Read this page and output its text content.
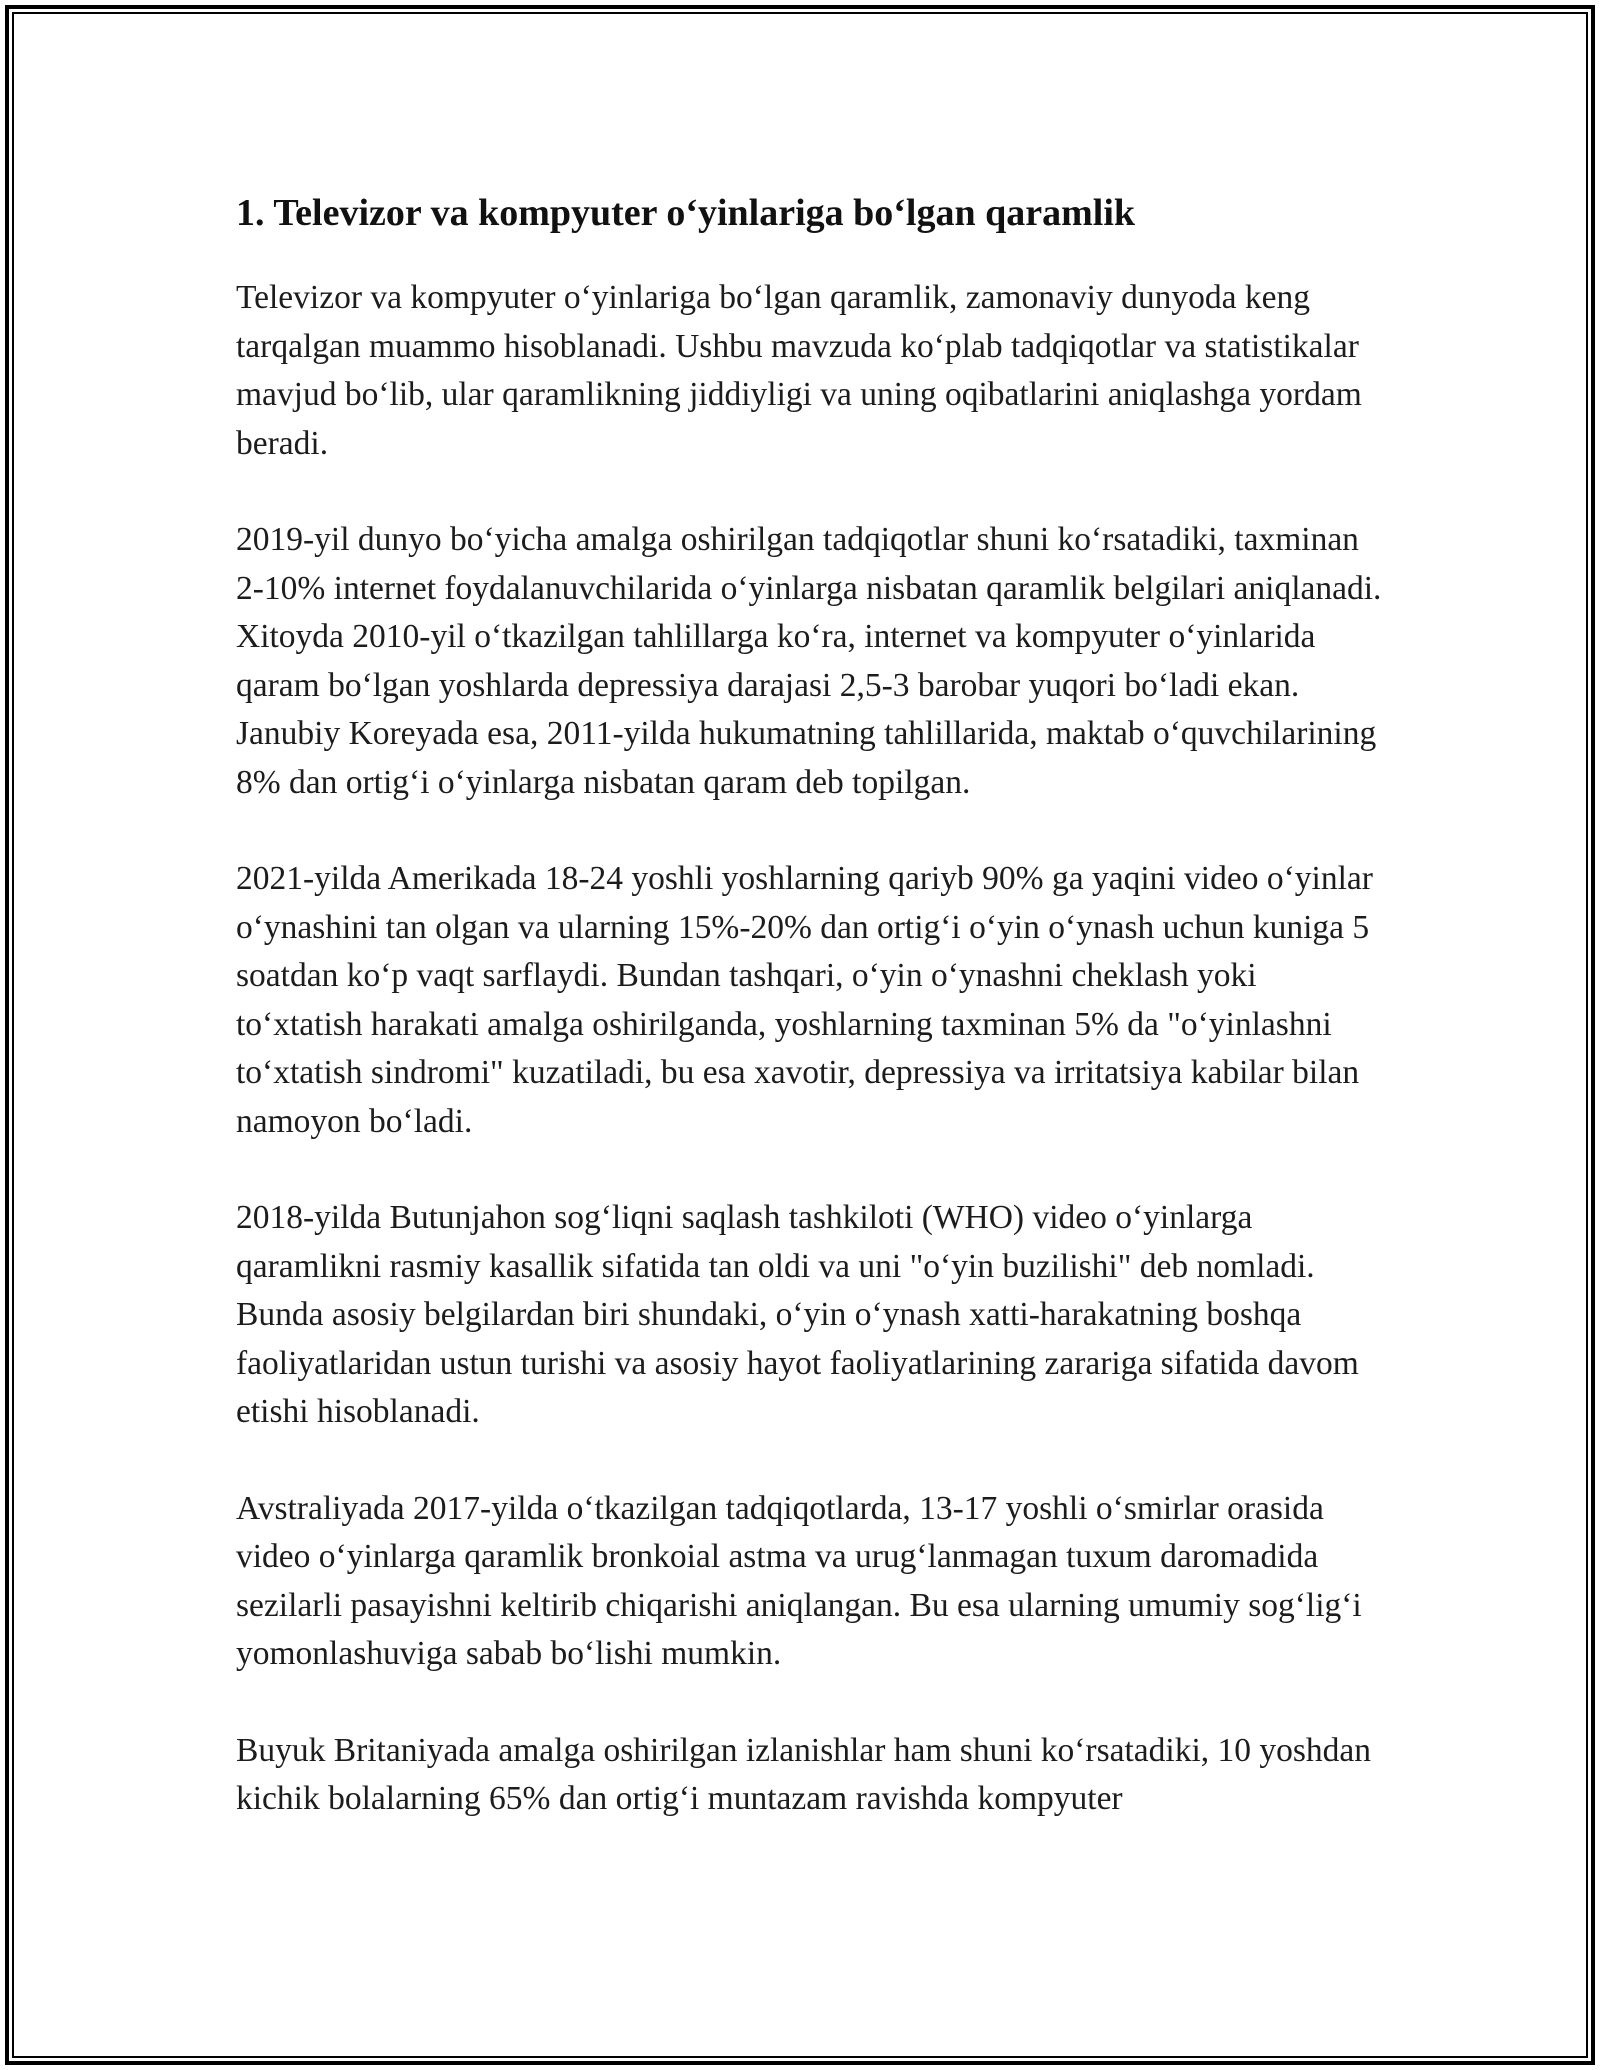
1. Televizor va kompyuter o‘yinlariga bo‘lgan qaramlik

Televizor va kompyuter o‘yinlariga bo‘lgan qaramlik, zamonaviy dunyoda keng tarqalgan muammo hisoblanadi. Ushbu mavzuda ko‘plab tadqiqotlar va statistikalar mavjud bo‘lib, ular qaramlikning jiddiyligi va uning oqibatlarini aniqlashga yordam beradi.

2019-yil dunyo bo‘yicha amalga oshirilgan tadqiqotlar shuni ko‘rsatadiki, taxminan 2-10% internet foydalanuvchilarida o‘yinlarga nisbatan qaramlik belgilari aniqlanadi. Xitoyda 2010-yil o‘tkazilgan tahlillarga ko‘ra, internet va kompyuter o‘yinlarida qaram bo‘lgan yoshlarda depressiya darajasi 2,5-3 barobar yuqori bo‘ladi ekan. Janubiy Koreyada esa, 2011-yilda hukumatning tahlillarida, maktab o‘quvchilarining 8% dan ortig‘i o‘yinlarga nisbatan qaram deb topilgan.

2021-yilda Amerikada 18-24 yoshli yoshlarning qariyb 90% ga yaqini video o‘yinlar o‘ynashini tan olgan va ularning 15%-20% dan ortig‘i o‘yin o‘ynash uchun kuniga 5 soatdan ko‘p vaqt sarflaydi. Bundan tashqari, o‘yin o‘ynashni cheklash yoki to‘xtatish harakati amalga oshirilganda, yoshlarning taxminan 5% da "o‘yinlashni to‘xtatish sindromi" kuzatiladi, bu esa xavotir, depressiya va irritatsiya kabilar bilan namoyon bo‘ladi.

2018-yilda Butunjahon sog‘liqni saqlash tashkiloti (WHO) video o‘yinlarga qaramlikni rasmiy kasallik sifatida tan oldi va uni "o‘yin buzilishi" deb nomladi. Bunda asosiy belgilardan biri shundaki, o‘yin o‘ynash xatti-harakatning boshqa faoliyatlaridan ustun turishi va asosiy hayot faoliyatlarining zarariga sifatida davom etishi hisoblanadi.

Avstraliyada 2017-yilda o‘tkazilgan tadqiqotlarda, 13-17 yoshli o‘smirlar orasida video o‘yinlarga qaramlik bronkoial astma va urug‘lanmagan tuxum daromadida sezilarli pasayishni keltirib chiqarishi aniqlangan. Bu esa ularning umumiy sog‘lig‘i yomonlashuviga sabab bo‘lishi mumkin.

Buyuk Britaniyada amalga oshirilgan izlanishlar ham shuni ko‘rsatadiki, 10 yoshdan kichik bolalarning 65% dan ortig‘i muntazam ravishda kompyuter
